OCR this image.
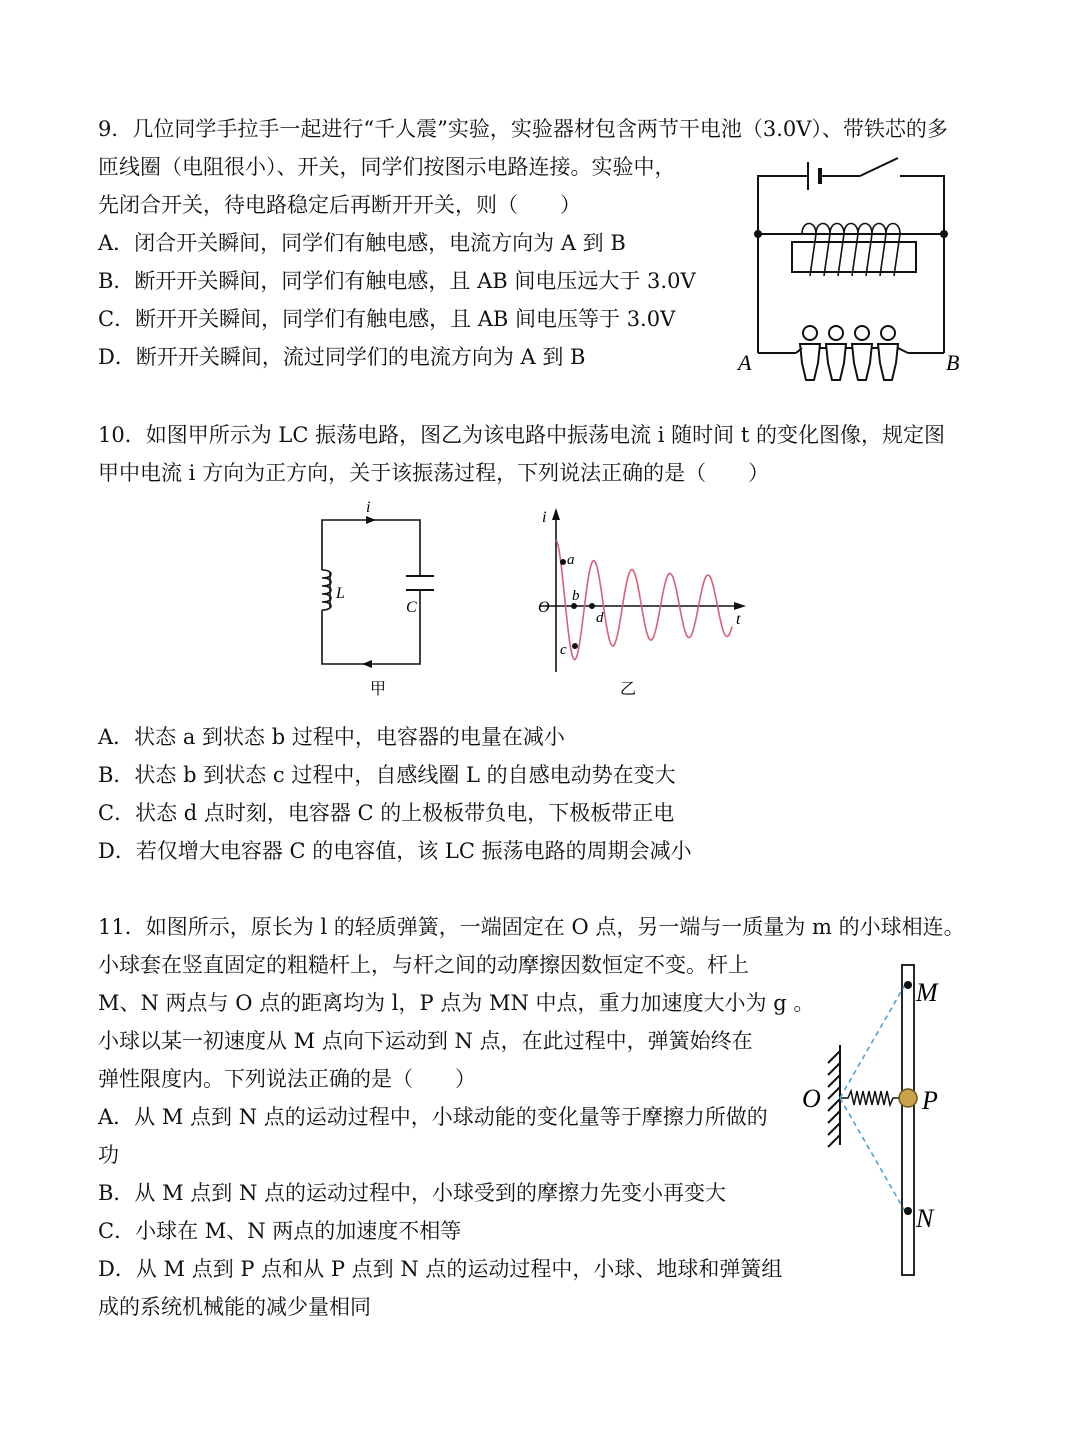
9．几位同学手拉手一起进行“千人震”实验，实验器材包含两节干电池（3.0V）、带铁芯的多
匝线圈（电阻很小）、开关，同学们按图示电路连接。实验中，
先闭合开关，待电路稳定后再断开开关，则（　　）
A．闭合开关瞬间，同学们有触电感，电流方向为 A 到 B
B．断开开关瞬间，同学们有触电感，且 AB 间电压远大于 3.0V
C．断开开关瞬间，同学们有触电感，且 AB 间电压等于 3.0V
D．断开开关瞬间，流过同学们的电流方向为 A 到 B	A	B
10．如图甲所示为 LC 振荡电路，图乙为该电路中振荡电流 i 随时间 t 的变化图像，规定图
甲中电流 i 方向为正方向，关于该振荡过程，下列说法正确的是（　　）
i
L
C
甲
i
t
O
a
b
c
d
乙
A．状态 a 到状态 b 过程中，电容器的电量在减小
B．状态 b 到状态 c 过程中，自感线圈 L 的自感电动势在变大
C．状态 d 点时刻，电容器 C 的上极板带负电，下极板带正电
D．若仅增大电容器 C 的电容值，该 LC 振荡电路的周期会减小
11．如图所示，原长为 l 的轻质弹簧，一端固定在 O 点，另一端与一质量为 m 的小球相连。
小球套在竖直固定的粗糙杆上，与杆之间的动摩擦因数恒定不变。杆上
M、N 两点与 O 点的距离均为 l，P 点为 MN 中点，重力加速度大小为 g 。
小球以某一初速度从 M 点向下运动到 N 点，在此过程中，弹簧始终在
弹性限度内。下列说法正确的是（　　）
A．从 M 点到 N 点的运动过程中，小球动能的变化量等于摩擦力所做的
功
B．从 M 点到 N 点的运动过程中，小球受到的摩擦力先变小再变大
C．小球在 M、N 两点的加速度不相等
D．从 M 点到 P 点和从 P 点到 N 点的运动过程中，小球、地球和弹簧组
成的系统机械能的减少量相同
O
M
P
N
